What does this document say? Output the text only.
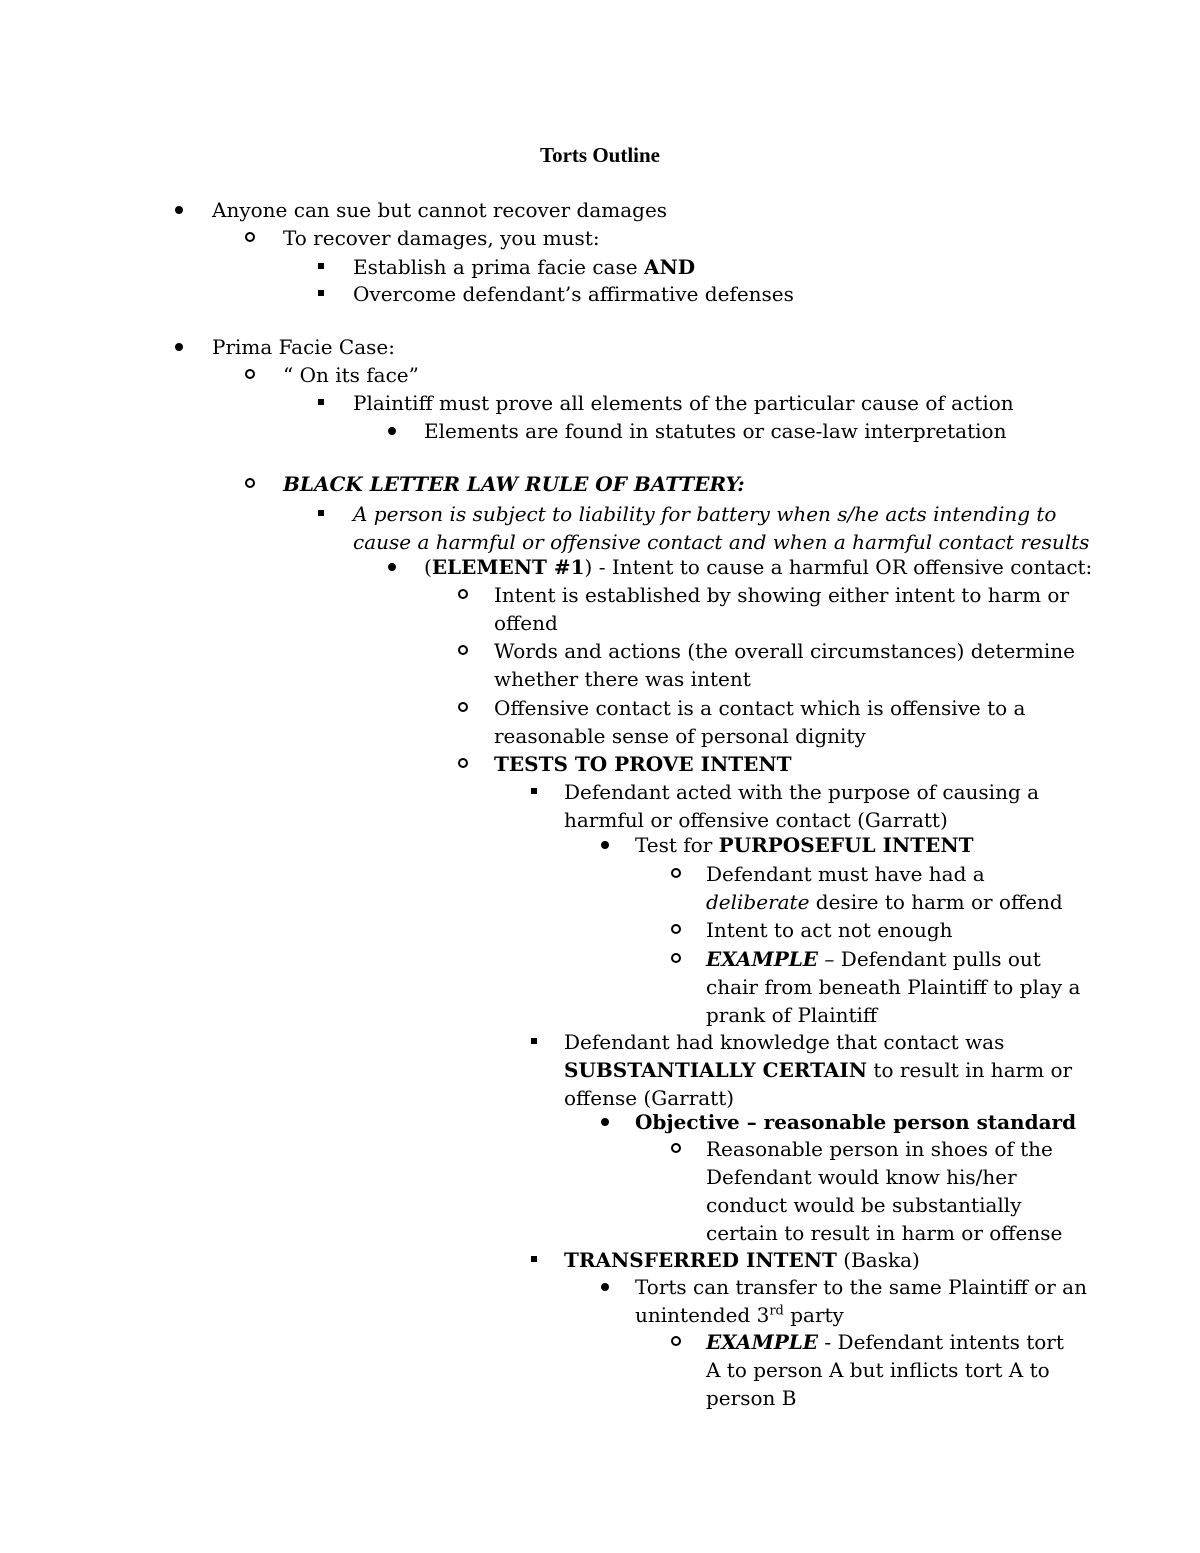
Torts Outline
Anyone can sue but cannot recover damages
To recover damages, you must:
Establish a prima facie case AND
Overcome defendant’s affirmative defenses
Prima Facie Case:
“ On its face”
Plaintiff must prove all elements of the particular cause of action
Elements are found in statutes or case-law interpretation
BLACK LETTER LAW RULE OF BATTERY:
A person is subject to liability for battery when s/he acts intending to
cause a harmful or offensive contact and when a harmful contact results
(ELEMENT #1) - Intent to cause a harmful OR offensive contact:
Intent is established by showing either intent to harm or
offend
Words and actions (the overall circumstances) determine
whether there was intent
Offensive contact is a contact which is offensive to a
reasonable sense of personal dignity
TESTS TO PROVE INTENT
Defendant acted with the purpose of causing a
harmful or offensive contact (Garratt)
Test for PURPOSEFUL INTENT
Defendant must have had a
deliberate desire to harm or offend
Intent to act not enough
EXAMPLE – Defendant pulls out
chair from beneath Plaintiff to play a
prank of Plaintiff
Defendant had knowledge that contact was
SUBSTANTIALLY CERTAIN to result in harm or
offense (Garratt)
Objective – reasonable person standard
Reasonable person in shoes of the
Defendant would know his/her
conduct would be substantially
certain to result in harm or offense
TRANSFERRED INTENT (Baska)
Torts can transfer to the same Plaintiff or an
unintended 3rd party
EXAMPLE - Defendant intents tort
A to person A but inflicts tort A to
person B
